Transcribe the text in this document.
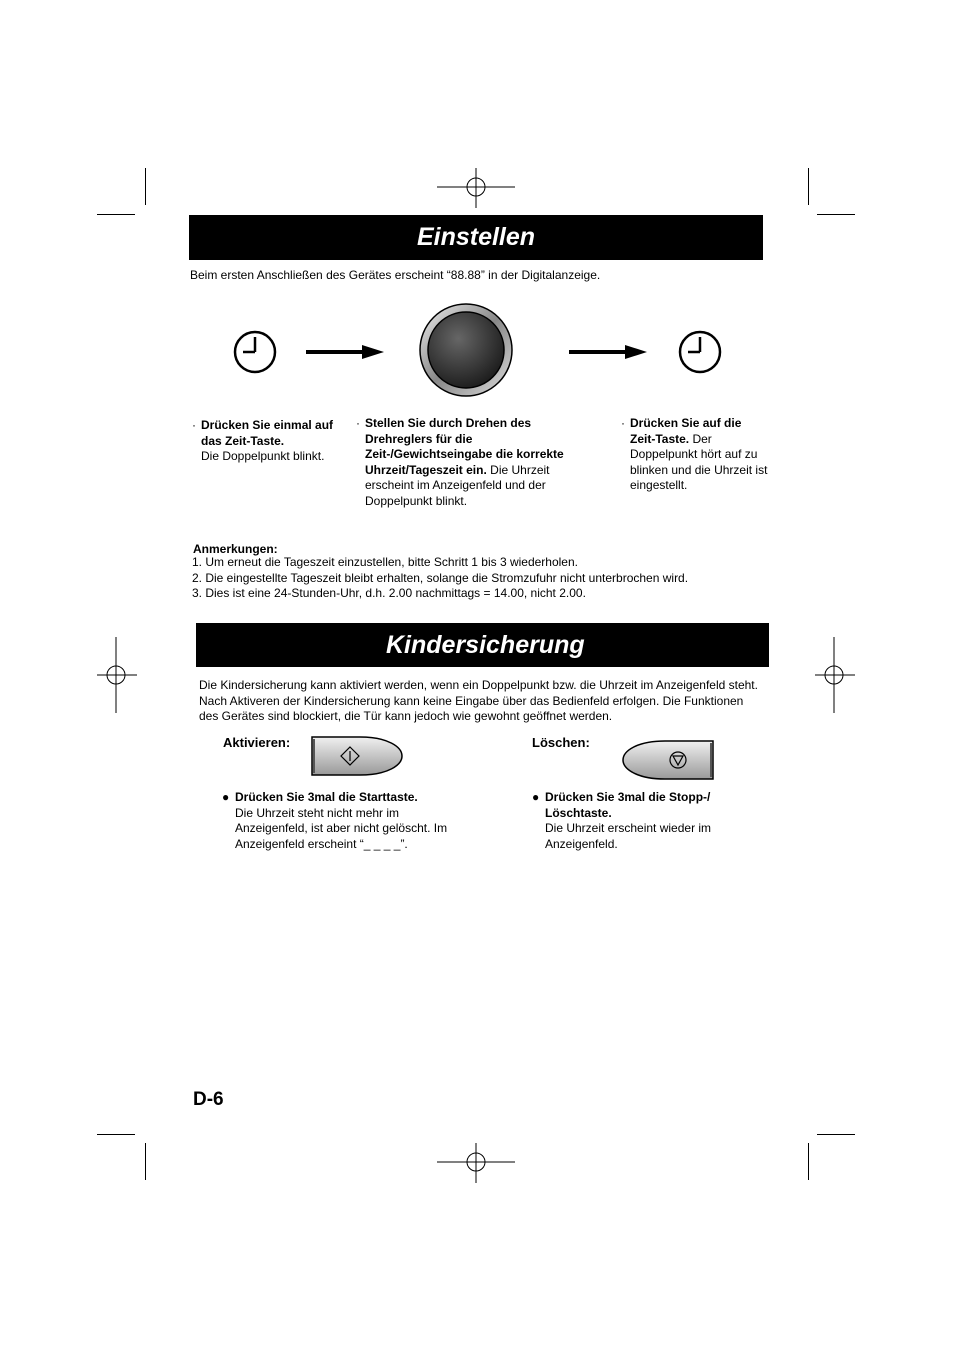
Einstellen
Beim ersten Anschließen des Gerätes erscheint “88.88” in der Digitalanzeige.
· Drücken Sie einmal auf das Zeit-Taste.
Die Doppelpunkt blinkt.
· Stellen Sie durch Drehen des Drehreglers für die Zeit-/Gewichtseingabe die korrekte Uhrzeit/Tageszeit ein. Die Uhrzeit erscheint im Anzeigenfeld und der Doppelpunkt blinkt.
· Drücken Sie auf die Zeit-Taste. Der Doppelpunkt hört auf zu blinken und die Uhrzeit ist eingestellt.
Anmerkungen:
1. Um erneut die Tageszeit einzustellen, bitte Schritt 1 bis 3 wiederholen.
2. Die eingestellte Tageszeit bleibt erhalten, solange die Stromzufuhr nicht unterbrochen wird.
3. Dies ist eine 24-Stunden-Uhr, d.h. 2.00 nachmittags = 14.00, nicht 2.00.
Kindersicherung
Die Kindersicherung kann aktiviert werden, wenn ein Doppelpunkt bzw. die Uhrzeit im Anzeigenfeld steht. Nach Aktiveren der Kindersicherung kann keine Eingabe über das Bedienfeld erfolgen. Die Funktionen des Gerätes sind blockiert, die Tür kann jedoch wie gewohnt geöffnet werden.
Aktivieren:
● Drücken Sie 3mal die Starttaste.
Die Uhrzeit steht nicht mehr im Anzeigenfeld, ist aber nicht gelöscht. Im Anzeigenfeld erscheint “_ _ _ _”.
Löschen:
● Drücken Sie 3mal die Stopp-/ Löschtaste.
Die Uhrzeit erscheint wieder im Anzeigenfeld.
D-6
